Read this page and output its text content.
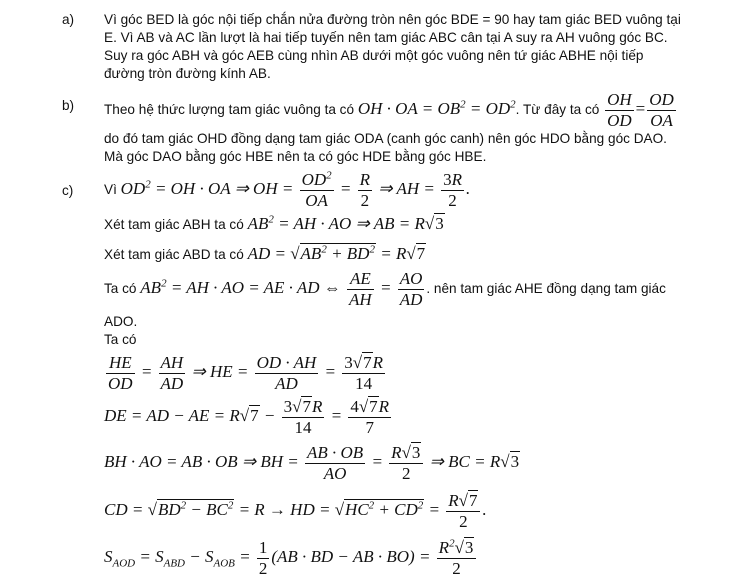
a) Vì góc BED là góc nội tiếp chắn nửa đường tròn nên góc BDE = 90 hay tam giác BED vuông tại
E. Vì AB và AC lần lượt là hai tiếp tuyến nên tam giác ABC cân tại A suy ra AH vuông góc BC.
Suy ra góc ABH và góc AEB cùng nhìn AB dưới một góc vuông nên tứ giác ABHE nội tiếp
đường tròn đường kính AB.
b) Theo hệ thức lượng tam giác vuông ta có OH · OA = $OB^2 = OD^2$. Từ đây ta có $\frac{OH}{OD} = \frac{OD}{OA}$
do đó tam giác OHD đồng dạng tam giác ODA (canh góc canh) nên góc HDO bằng góc DAO.
Mà góc DAO bằng góc HBE nên ta có góc HDE bằng góc HBE.
c) Vì $OD^2$ = OH · OA ⇒ OH = $\frac{OD^2}{OA} = \frac{R}{2}$ ⇒ AH = $\frac{3R}{2}$ .
Xét tam giác ABH ta có $AB^2$ = AH · AO ⇒ AB = R√3
Xét tam giác ABD ta có AD = $√AB^2 + BD^2 = R√7$
Ta có $AB^2$ = AH · AO = AE · AD ⇔ $\frac{AE}{AH} = \frac{AO}{AD}$ . nên tam giác AHE đồng dạng tam giác
ADO.
Ta có
$\frac{HE}{OD} = \frac{AH}{AD}$ ⇒ HE = $\frac{OD \cdot AH}{AD} = \frac{3√7R}{14}$
DE = AD − AE = $R√7 - \frac{3√7R}{14} = \frac{4√7R}{7}$
BH · AO = AB · OB ⇒ BH = $\frac{AB \cdot OB}{AO} = \frac{R√3}{2}$ ⇒ BC = R√3
CD = $√BD^2 - BC^2 = R$ → HD = $√HC^2 + CD^2 = \frac{R√7}{2}$ .
$S_{AOD} = S_{ABD} - S_{AOB} = \frac{1}{2} (AB$ · BD − AB · $BO) = \frac{R^2√3}{2}$
